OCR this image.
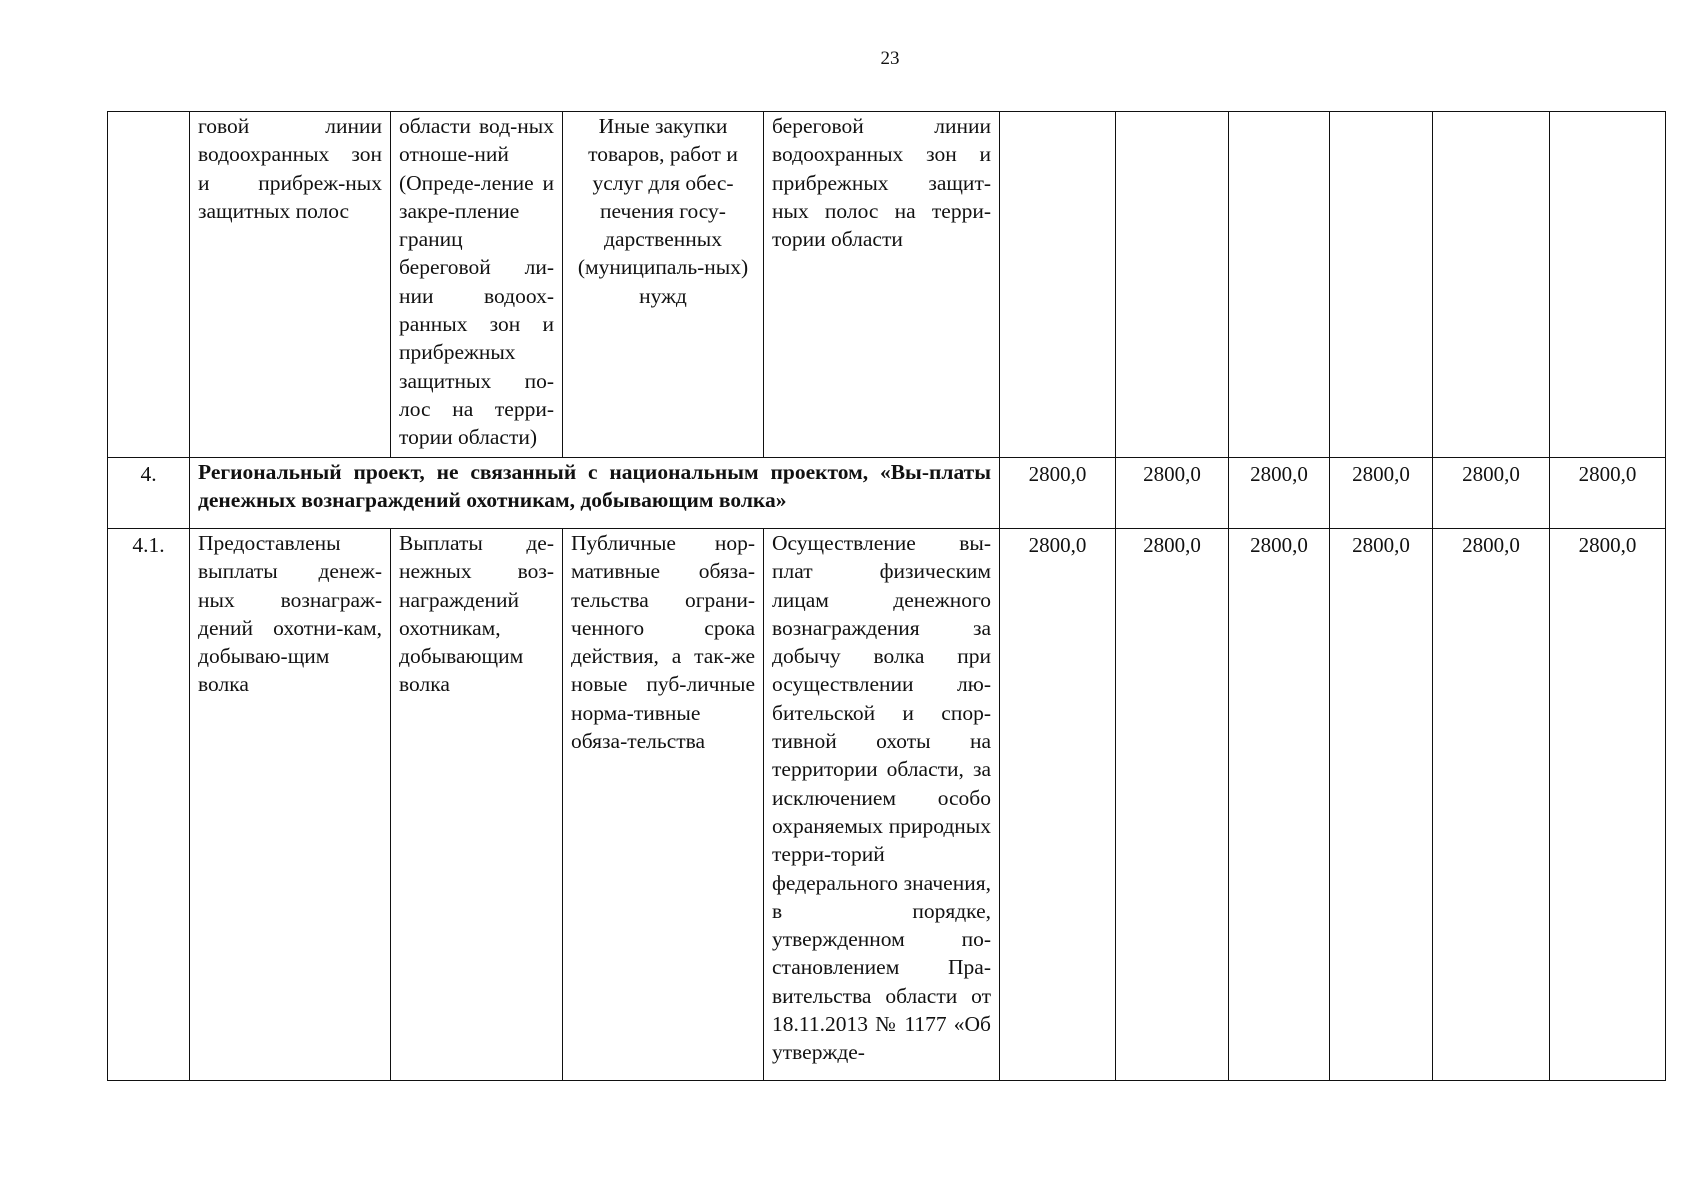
23
	говой линии водоохранных зон и прибреж-ных защитных полос	области вод-ных отноше-ний (Опреде-ление и закре-пление границ береговой ли-нии водоох-ранных зон и прибрежных защитных по-лос на терри-тории области)	Иные закупки товаров, работ и услуг для обес-печения госу-дарственных (муниципаль-ных) нужд	береговой линии водоохранных зон и прибрежных защит-ных полос на терри-тории области						
4.	Региональный проект, не связанный с национальным проектом, «Вы-платы денежных вознаграждений охотникам, добывающим волка»				2800,0	2800,0	2800,0	2800,0	2800,0	2800,0
4.1.	Предоставлены выплаты денеж-ных вознаграж-дений охотни-кам, добываю-щим волка	Выплаты де-нежных воз-награждений охотникам, добывающим волка	Публичные нор-мативные обяза-тельства ограни-ченного срока действия, а так-же новые пуб-личные норма-тивные обяза-тельства	Осуществление вы-плат физическим лицам денежного вознаграждения за добычу волка при осуществлении лю-бительской и спор-тивной охоты на территории области, за исключением особо охраняемых природных терри-торий федерального значения, в порядке, утвержденном по-становлением Пра-вительства области от 18.11.2013 № 1177 «Об утвержде-	2800,0	2800,0	2800,0	2800,0	2800,0	2800,0
